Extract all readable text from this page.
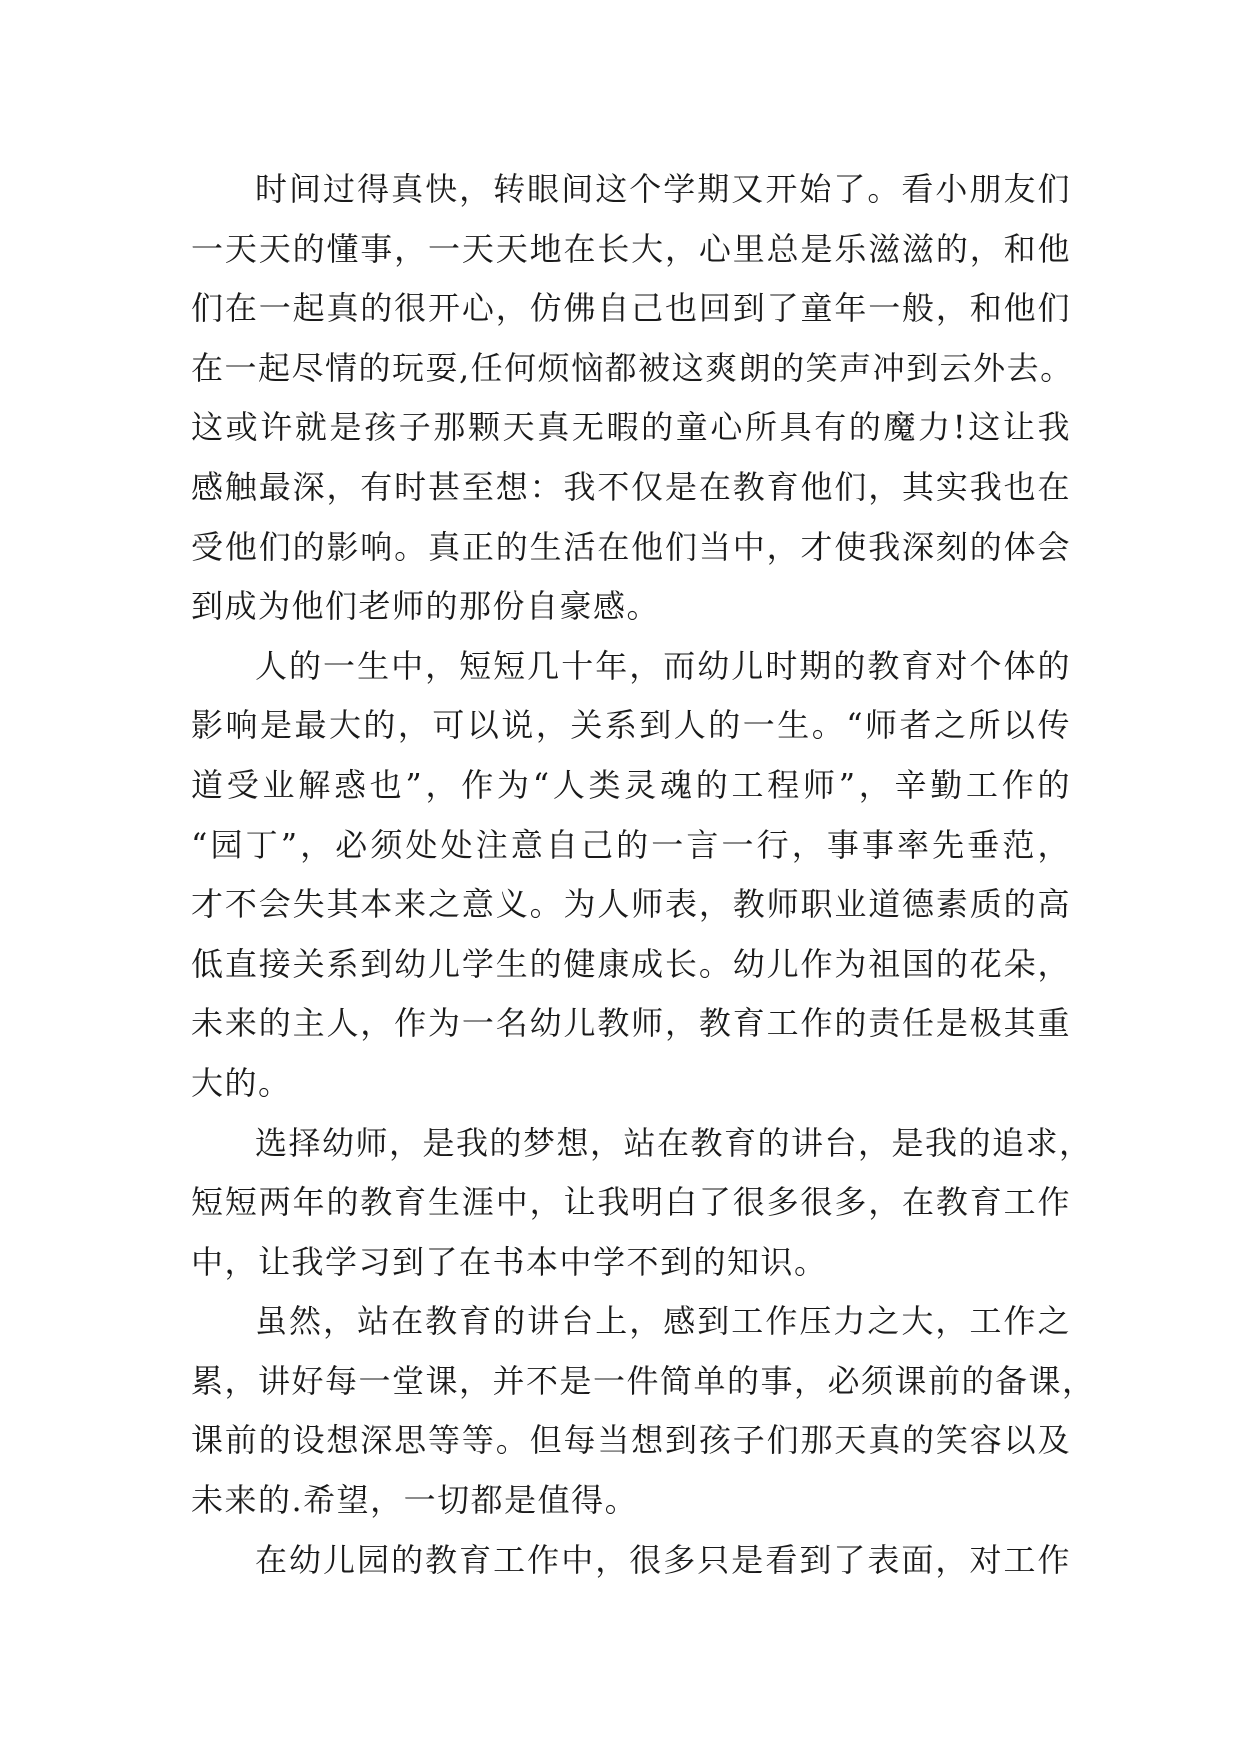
时间过得真快，转眼间这个学期又开始了。看小朋友们
一天天的懂事，一天天地在长大，心里总是乐滋滋的，和他
们在一起真的很开心，仿佛自己也回到了童年一般，和他们
在一起尽情的玩耍,任何烦恼都被这爽朗的笑声冲到云外去。
这或许就是孩子那颗天真无暇的童心所具有的魔力!这让我
感触最深，有时甚至想：我不仅是在教育他们，其实我也在
受他们的影响。真正的生活在他们当中，才使我深刻的体会
到成为他们老师的那份自豪感。
人的一生中，短短几十年，而幼儿时期的教育对个体的
影响是最大的，可以说，关系到人的一生。“师者之所以传
道受业解惑也”，作为“人类灵魂的工程师”，辛勤工作的
“园丁”，必须处处注意自己的一言一行，事事率先垂范，
才不会失其本来之意义。为人师表，教师职业道德素质的高
低直接关系到幼儿学生的健康成长。幼儿作为祖国的花朵，
未来的主人，作为一名幼儿教师，教育工作的责任是极其重
大的。
选择幼师，是我的梦想，站在教育的讲台，是我的追求，
短短两年的教育生涯中，让我明白了很多很多，在教育工作
中，让我学习到了在书本中学不到的知识。
虽然，站在教育的讲台上，感到工作压力之大，工作之
累，讲好每一堂课，并不是一件简单的事，必须课前的备课，
课前的设想深思等等。但每当想到孩子们那天真的笑容以及
未来的.希望，一切都是值得。
在幼儿园的教育工作中，很多只是看到了表面，对工作
